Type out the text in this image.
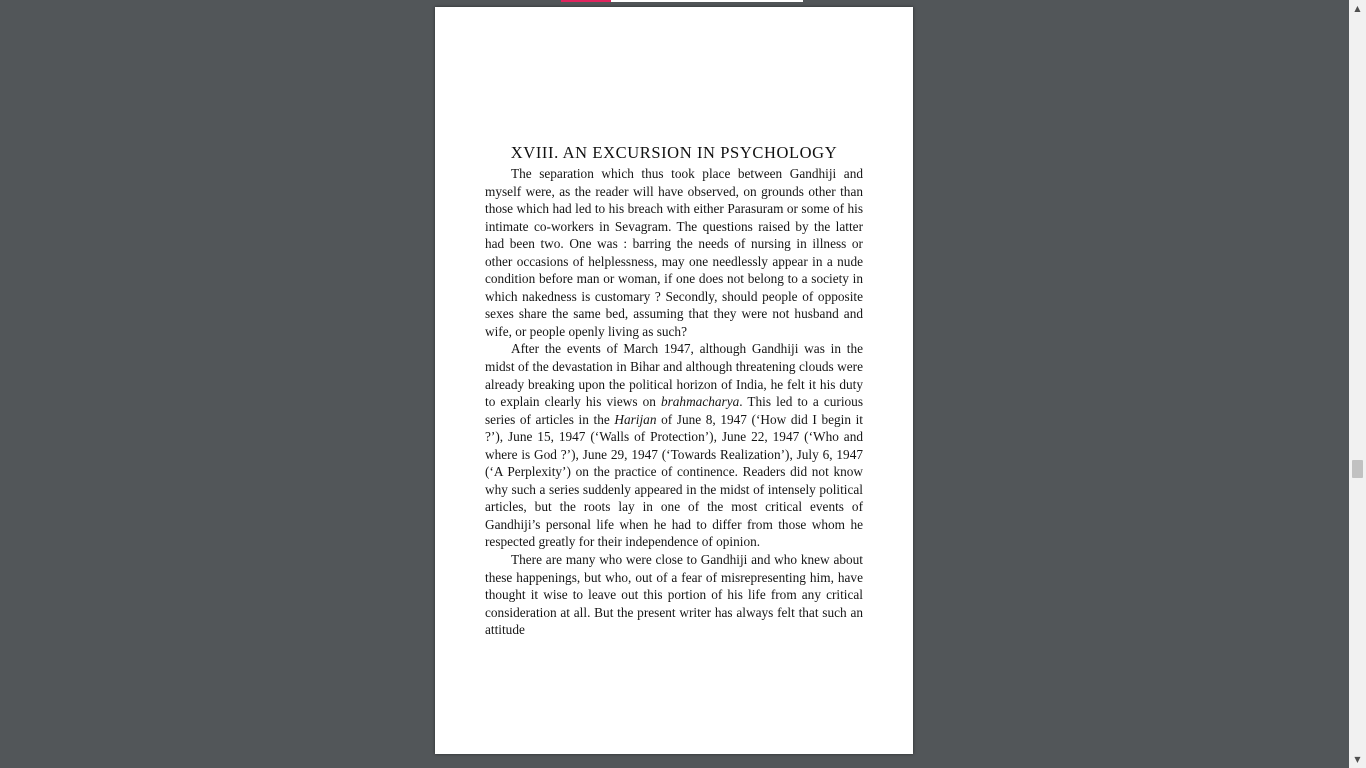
XVIII. AN EXCURSION IN PSYCHOLOGY

The separation which thus took place between Gandhiji and myself were, as the reader will have observed, on grounds other than those which had led to his breach with either Parasuram or some of his intimate co-workers in Sevagram. The questions raised by the latter had been two. One was : barring the needs of nursing in illness or other occasions of helplessness, may one needlessly appear in a nude condition before man or woman, if one does not belong to a society in which nakedness is customary ? Secondly, should people of opposite sexes share the same bed, assuming that they were not husband and wife, or people openly living as such?

After the events of March 1947, although Gandhiji was in the midst of the devastation in Bihar and although threatening clouds were already breaking upon the political horizon of India, he felt it his duty to explain clearly his views on brahmacharya. This led to a curious series of articles in the Harijan of June 8, 1947 (‘How did I begin it ?’), June 15, 1947 (‘Walls of Protection’), June 22, 1947 (‘Who and where is God ?’), June 29, 1947 (‘Towards Realization’), July 6, 1947 (‘A Perplexity’) on the practice of continence. Readers did not know why such a series suddenly appeared in the midst of intensely political articles, but the roots lay in one of the most critical events of Gandhiji’s personal life when he had to differ from those whom he respected greatly for their independence of opinion.

There are many who were close to Gandhiji and who knew about these happenings, but who, out of a fear of misrepresenting him, have thought it wise to leave out this portion of his life from any critical consideration at all. But the present writer has always felt that such an attitude

▲
▼
